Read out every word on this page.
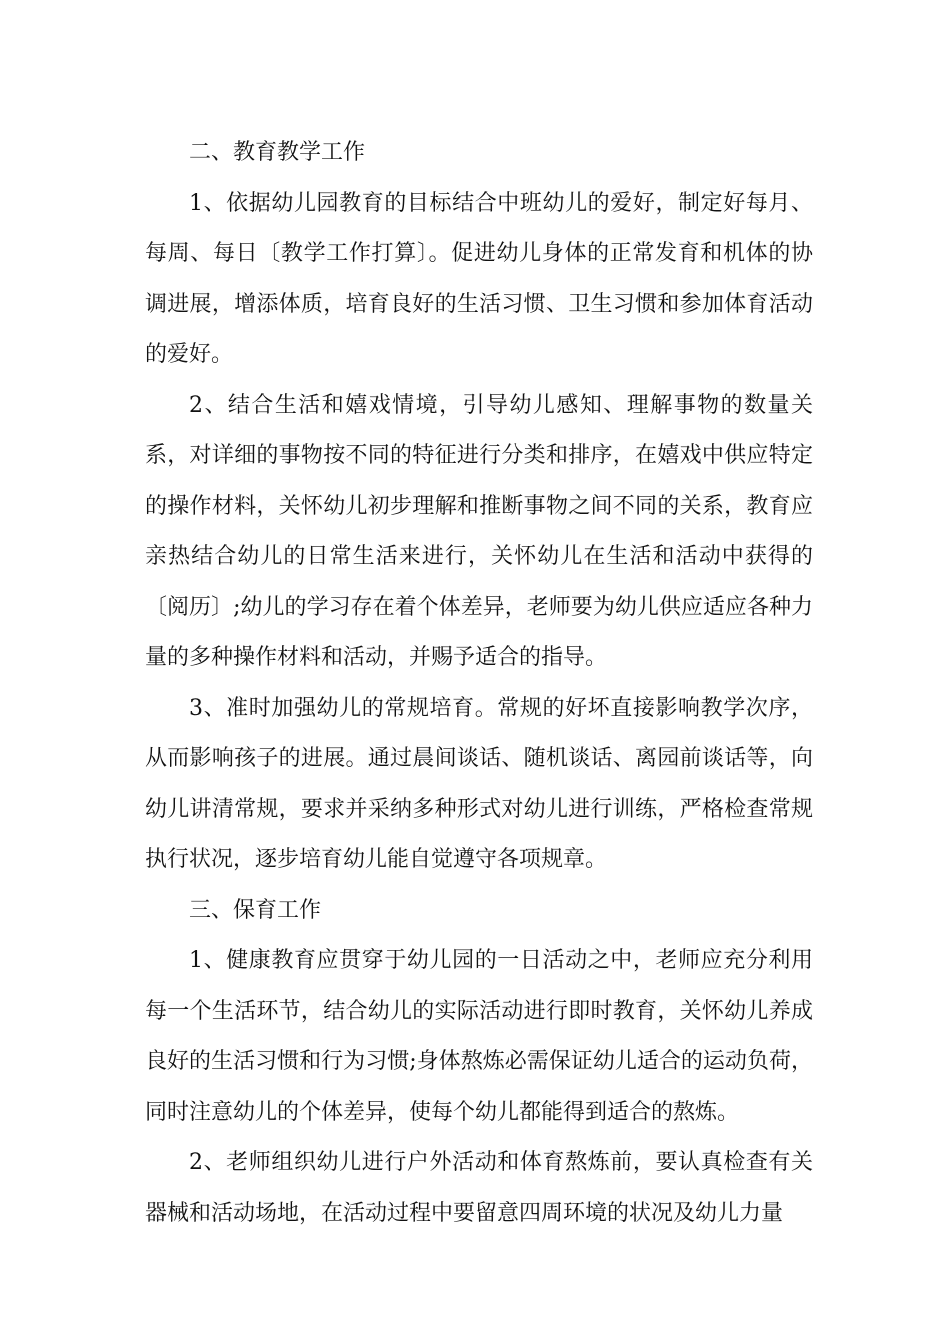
二、教育教学工作

1、依据幼儿园教育的目标结合中班幼儿的爱好，制定好每月、每周、每日〔教学工作打算〕。促进幼儿身体的正常发育和机体的协调进展，增添体质，培育良好的生活习惯、卫生习惯和参加体育活动的爱好。

2、结合生活和嬉戏情境，引导幼儿感知、理解事物的数量关系，对详细的事物按不同的特征进行分类和排序，在嬉戏中供应特定的操作材料，关怀幼儿初步理解和推断事物之间不同的关系，教育应亲热结合幼儿的日常生活来进行，关怀幼儿在生活和活动中获得的〔阅历〕;幼儿的学习存在着个体差异，老师要为幼儿供应适应各种力量的多种操作材料和活动，并赐予适合的指导。

3、准时加强幼儿的常规培育。常规的好坏直接影响教学次序，从而影响孩子的进展。通过晨间谈话、随机谈话、离园前谈话等，向幼儿讲清常规，要求并采纳多种形式对幼儿进行训练，严格检查常规执行状况，逐步培育幼儿能自觉遵守各项规章。

三、保育工作

1、健康教育应贯穿于幼儿园的一日活动之中，老师应充分利用每一个生活环节，结合幼儿的实际活动进行即时教育，关怀幼儿养成良好的生活习惯和行为习惯;身体熬炼必需保证幼儿适合的运动负荷，同时注意幼儿的个体差异，使每个幼儿都能得到适合的熬炼。

2、老师组织幼儿进行户外活动和体育熬炼前，要认真检查有关器械和活动场地，在活动过程中要留意四周环境的状况及幼儿力量
